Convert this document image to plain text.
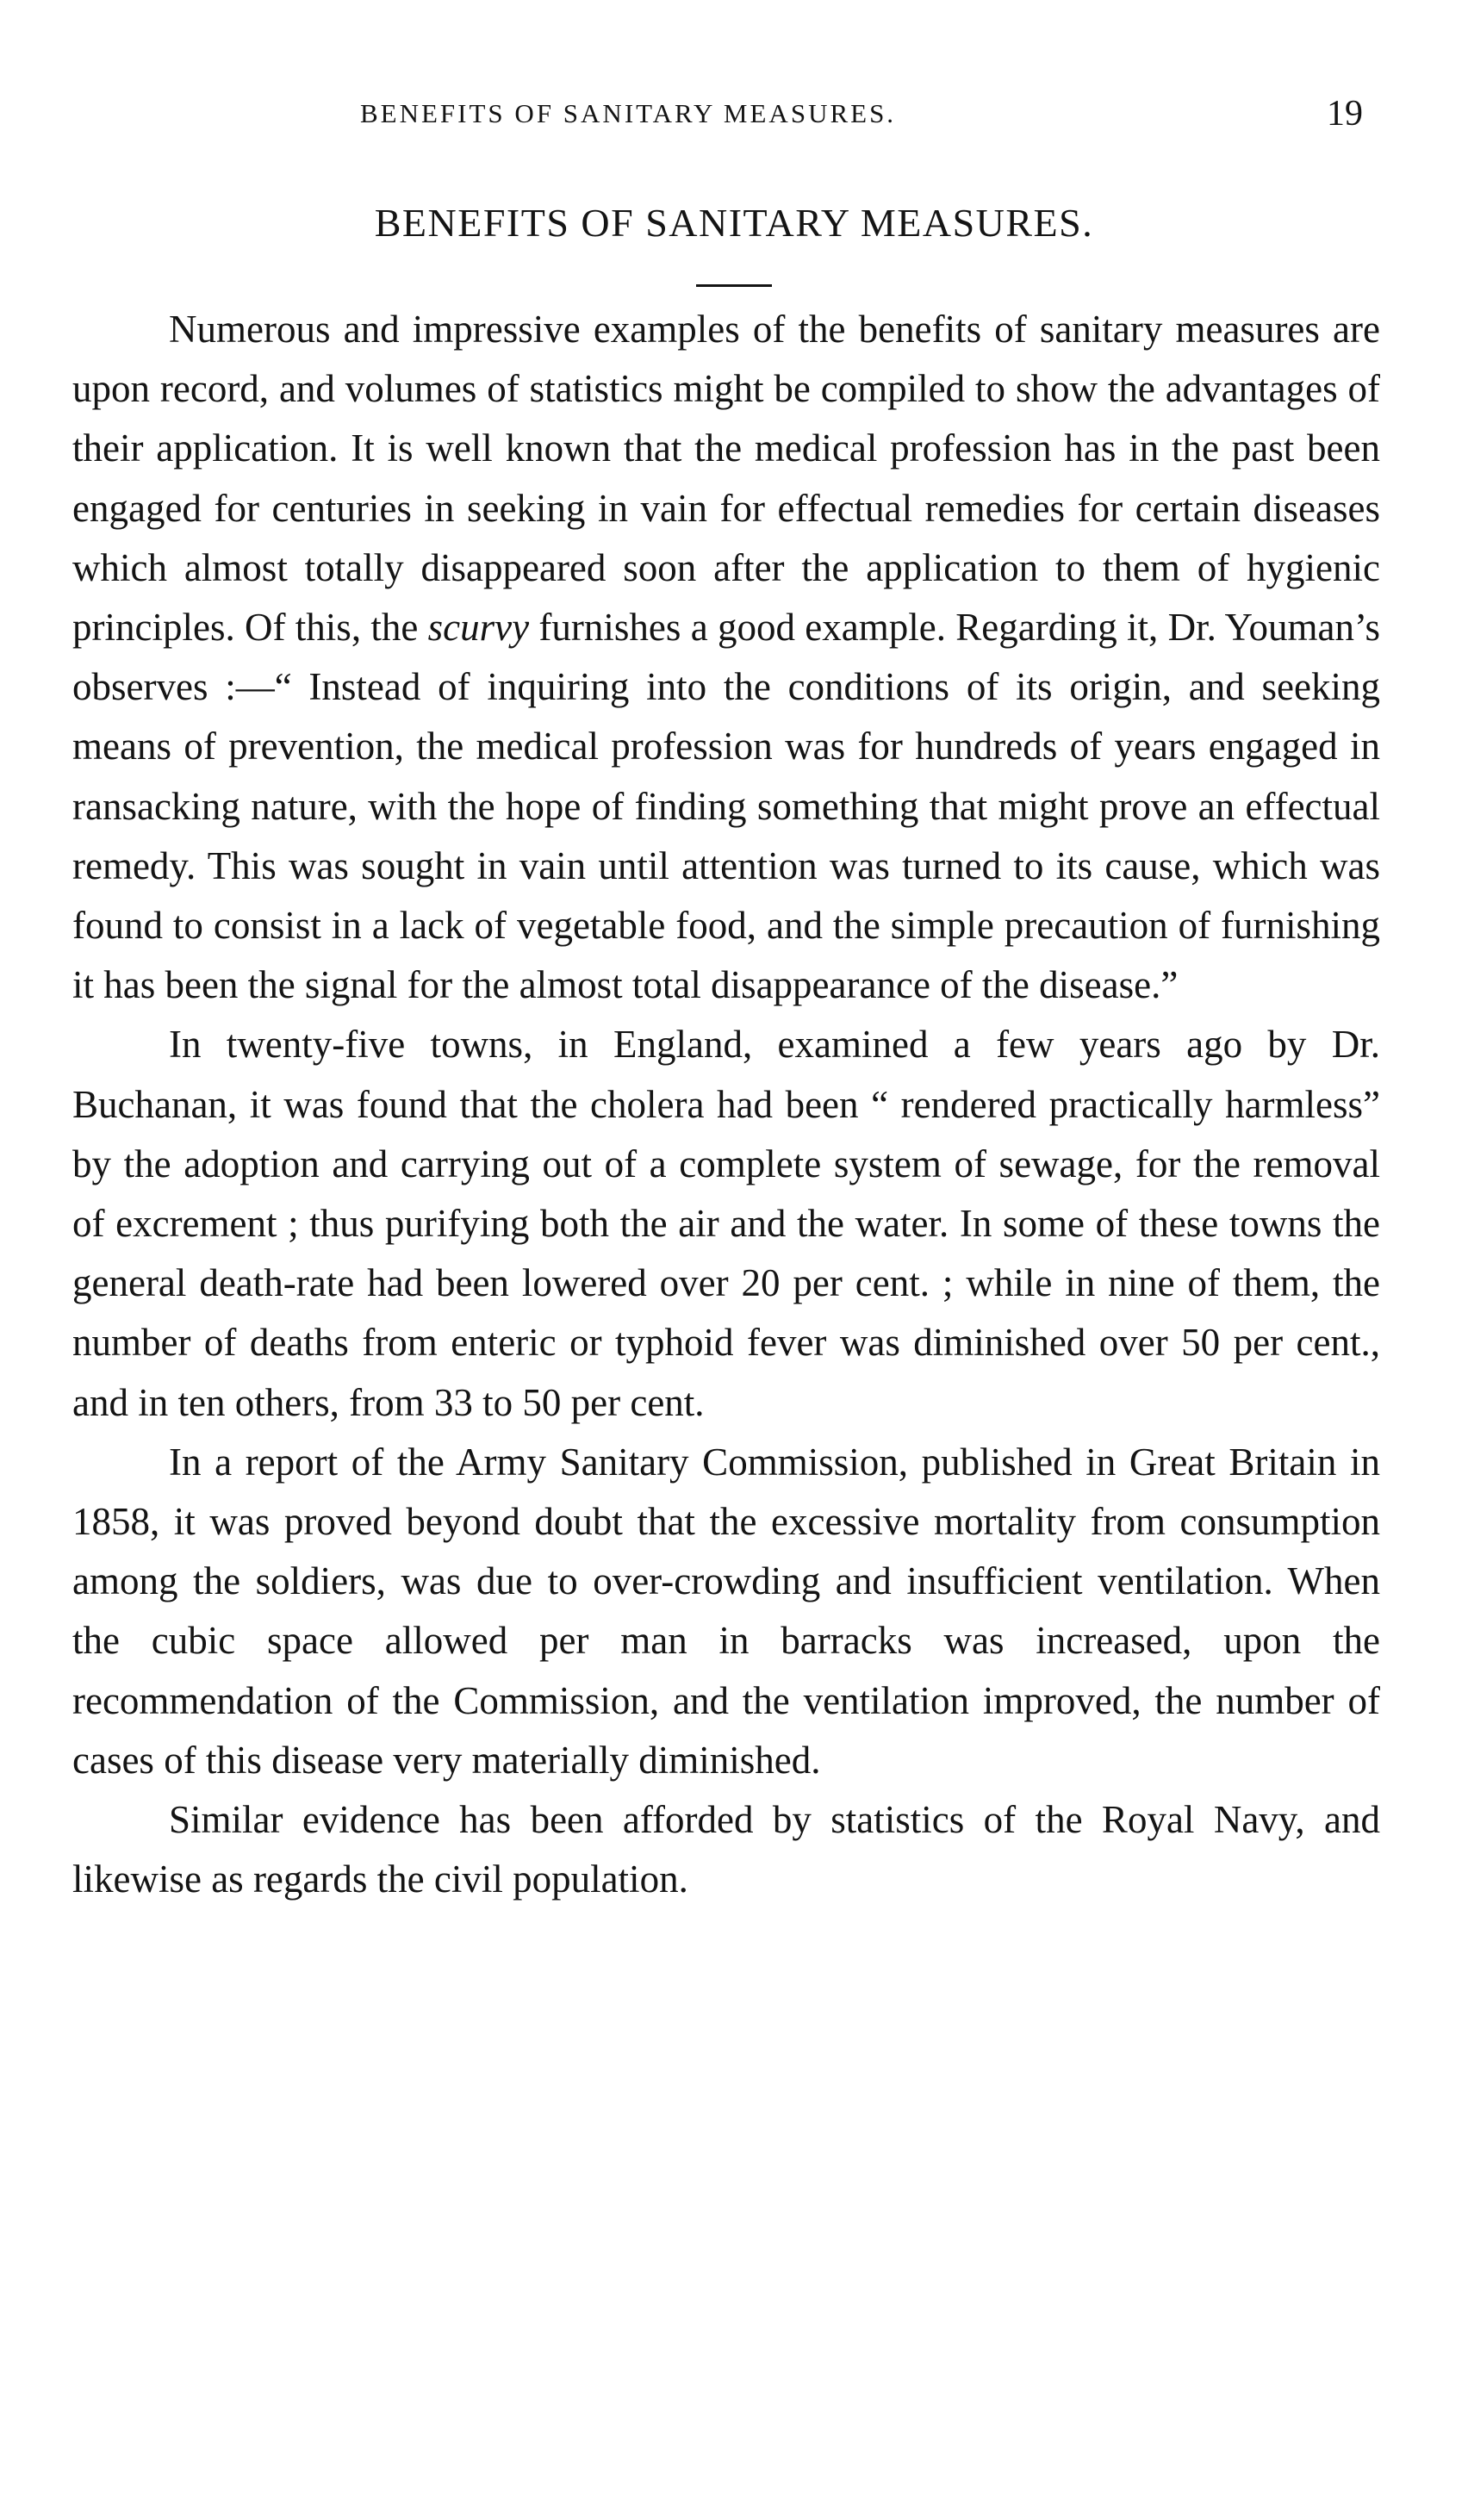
BENEFITS OF SANITARY MEASURES.	19
BENEFITS OF SANITARY MEASURES.

Numerous and impressive examples of the benefits of sanitary measures are upon record, and volumes of statistics might be compiled to show the advantages of their application. It is well known that the medical profession has in the past been engaged for centuries in seeking in vain for effectual remedies for certain diseases which almost totally disappeared soon after the application to them of hygienic principles. Of this, the scurvy furnishes a good example. Regarding it, Dr. Youman’s observes :—“ Instead of inquiring into the conditions of its origin, and seeking means of prevention, the medical profession was for hundreds of years engaged in ransacking nature, with the hope of finding something that might prove an effectual remedy. This was sought in vain until attention was turned to its cause, which was found to consist in a lack of vegetable food, and the simple precaution of furnishing it has been the signal for the almost total disappearance of the disease.”

In twenty-five towns, in England, examined a few years ago by Dr. Buchanan, it was found that the cholera had been “ rendered practically harmless” by the adoption and carrying out of a complete system of sewage, for the removal of excrement ; thus purifying both the air and the water. In some of these towns the general death-rate had been lowered over 20 per cent. ; while in nine of them, the number of deaths from enteric or typhoid fever was diminished over 50 per cent., and in ten others, from 33 to 50 per cent.

In a report of the Army Sanitary Commission, published in Great Britain in 1858, it was proved beyond doubt that the excessive mortality from consumption among the soldiers, was due to over-crowding and insufficient ventilation. When the cubic space allowed per man in barracks was increased, upon the recommendation of the Commission, and the ventilation improved, the number of cases of this disease very materially diminished.

Similar evidence has been afforded by statistics of the Royal Navy, and likewise as regards the civil population.
